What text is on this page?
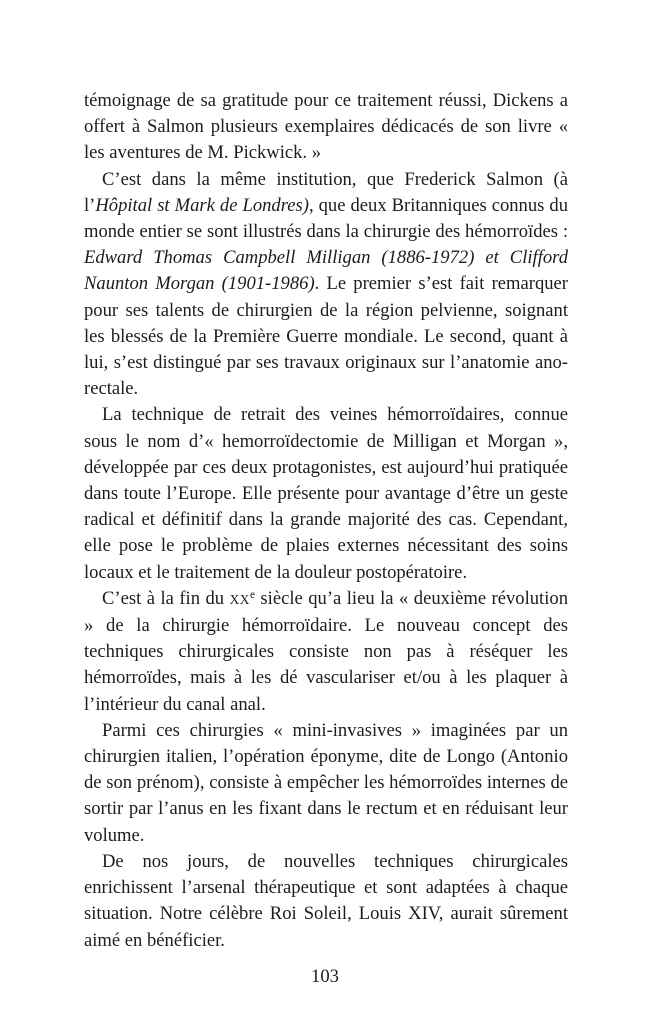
témoignage de sa gratitude pour ce traitement réussi, Dickens a offert à Salmon plusieurs exemplaires dédicacés de son livre « les aventures de M. Pickwick. »

C’est dans la même institution, que Frederick Salmon (à l’Hôpital st Mark de Londres), que deux Britanniques connus du monde entier se sont illustrés dans la chirurgie des hémorroïdes : Edward Thomas Campbell Milligan (1886-1972) et Clifford Naunton Morgan (1901-1986). Le premier s’est fait remarquer pour ses talents de chirurgien de la région pelvienne, soignant les blessés de la Première Guerre mondiale. Le second, quant à lui, s’est distingué par ses travaux originaux sur l’anatomie ano-rectale.

La technique de retrait des veines hémorroïdaires, connue sous le nom d’« hemorroïdectomie de Milligan et Morgan », développée par ces deux protagonistes, est aujourd’hui pratiquée dans toute l’Europe. Elle présente pour avantage d’être un geste radical et définitif dans la grande majorité des cas. Cependant, elle pose le problème de plaies externes nécessitant des soins locaux et le traitement de la douleur postopératoire.

C’est à la fin du XXe siècle qu’a lieu la « deuxième révolution » de la chirurgie hémorroïdaire. Le nouveau concept des techniques chirurgicales consiste non pas à réséquer les hémorroïdes, mais à les dé vasculariser et/ou à les plaquer à l’intérieur du canal anal.

Parmi ces chirurgies « mini-invasives » imaginées par un chirurgien italien, l’opération éponyme, dite de Longo (Antonio de son prénom), consiste à empêcher les hémorroïdes internes de sortir par l’anus en les fixant dans le rectum et en réduisant leur volume.

De nos jours, de nouvelles techniques chirurgicales enrichissent l’arsenal thérapeutique et sont adaptées à chaque situation. Notre célèbre Roi Soleil, Louis XIV, aurait sûrement aimé en bénéficier.

103
